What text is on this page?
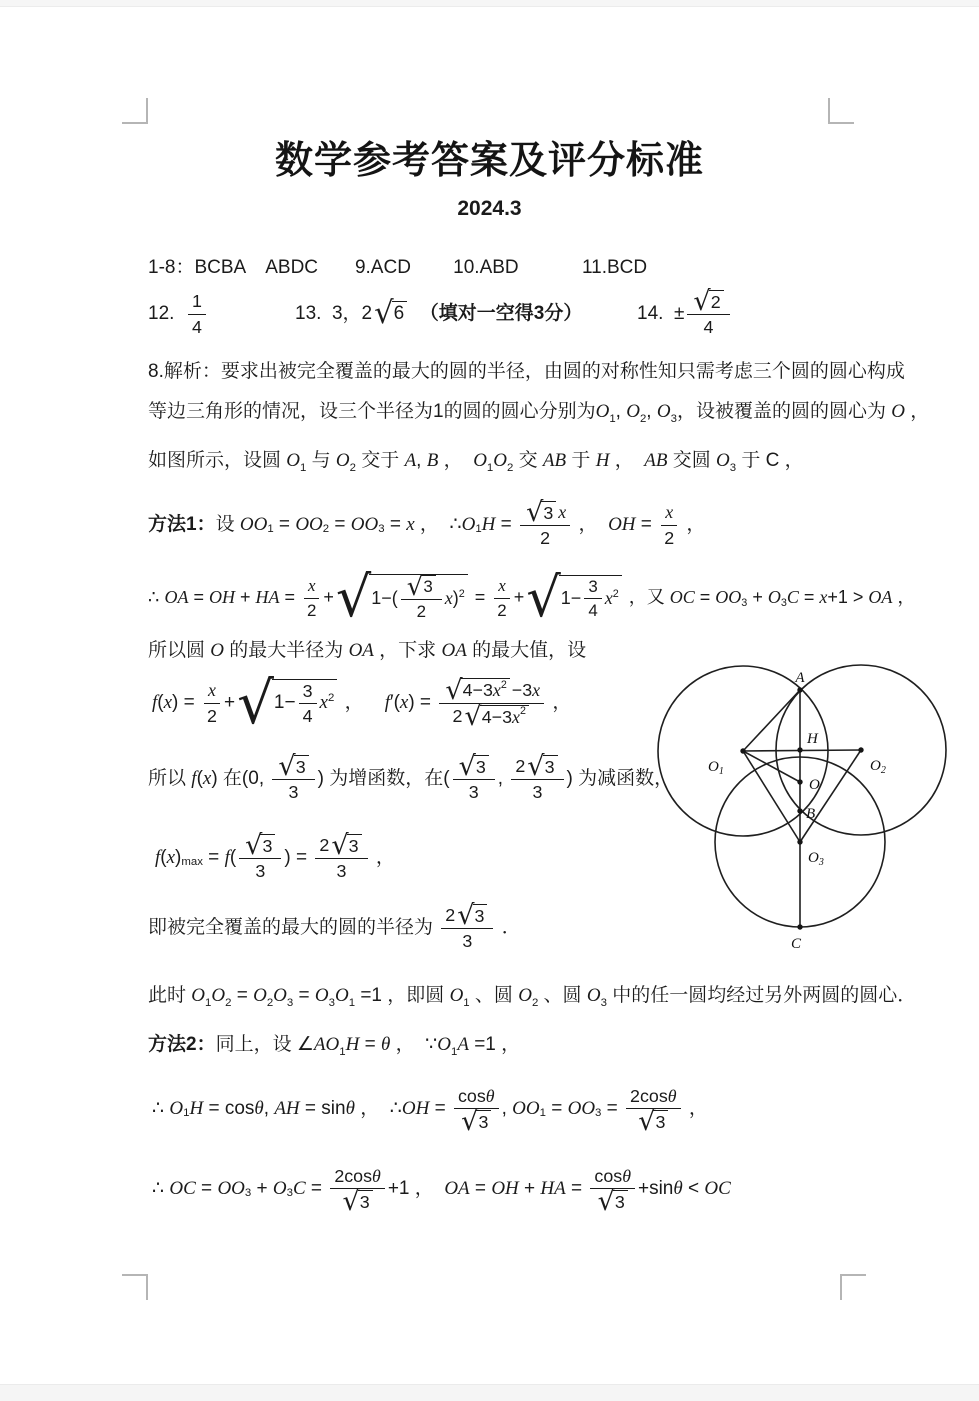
数学参考答案及评分标准
2024.3
1-8：BCBA    ABDC       9.ACD        10.ABD            11.BCD
12. $\frac{1}{4}$	13.  3，2 √ 6
（填对一空得3分）	14.  ± $\frac{√ 2}{4}$
8.解析：要求出被完全覆盖的最大的圆的半径，由圆的对称性知只需考虑三个圆的圆心构成
等边三角形的情况，设三个半径为1的圆的圆心分别为$O_1$, $O_2$, $O_3$，设被覆盖的圆的圆心为 O ，
如图所示，设圆 $O_1$ 与 $O_2$ 交于 A, B ，  $O_1O_2$ 交 AB 于 H ，  AB 交圆 $O_3$ 于 C ，
方法1： 设 OO 1 = OO 2 = OO 3 = x ，  ∴ O 1 $H = \frac{√ 3 x}{2}$ ， OH = $\frac{x}{2}$ ，
∴ OA = OH + HA = $\frac{x}{2}$ + √ $1-( \frac{√ 3}{2}$ x ) $2 = \frac{x}{2}$ + √ $1- \frac{3}{4}$ x 2 ，又 OC = OO 3 + O 3 C = x +1 > OA ，
所以圆 O 的最大半径为 OA ，下求 OA 的最大值，设
f ( x ) = $\frac{x}{2}$ + √ $1- \frac{3}{4}$ x 2 ， f ′( x ) = $\frac{√ 4-3 x 2 -3 x}{2 √ 4-3 x 2}$ ，
所以 f ( x ) 在(0, $\frac{√ 3}{3}$ ) 为增函数，在( $\frac{√ 3}{3}$ , $\frac{2 √ 3}{3}$ ) 为减函数，
f ( x ) max = f ( $\frac{√ 3}{3}$ ) = $\frac{2 √ 3}{3}$ ，
即被完全覆盖的最大的圆的半径为 $\frac{2 √ 3}{3}$ ．
此时 $O_1O_2 = O_2O_3 = O_3O_1 =1$ ，即圆 $O_1$ 、圆 $O_2$ 、圆 $O_3$ 中的任一圆均经过另外两圆的圆心．
方法2：同上，设 $\angle AO_1H = \theta$ ，  $\because O_1A =1$ ，
∴ O 1 H = cos θ , AH = sin θ ，  ∴ OH = $\frac{\text{cos θ}}{√ 3}$ , OO 1 = OO $3 = \frac{\text{2cos θ}}{√ 3}$ ，
∴ OC = OO 3 + O 3 $C = \frac{\text{2cos θ}}{√ 3} +1$ ， OA = OH + HA = $\frac{\text{cos θ}}{√ 3} +\sin$ θ < OC
A
H
$O_1$	$O_2$
O
B
$O_3$
C
